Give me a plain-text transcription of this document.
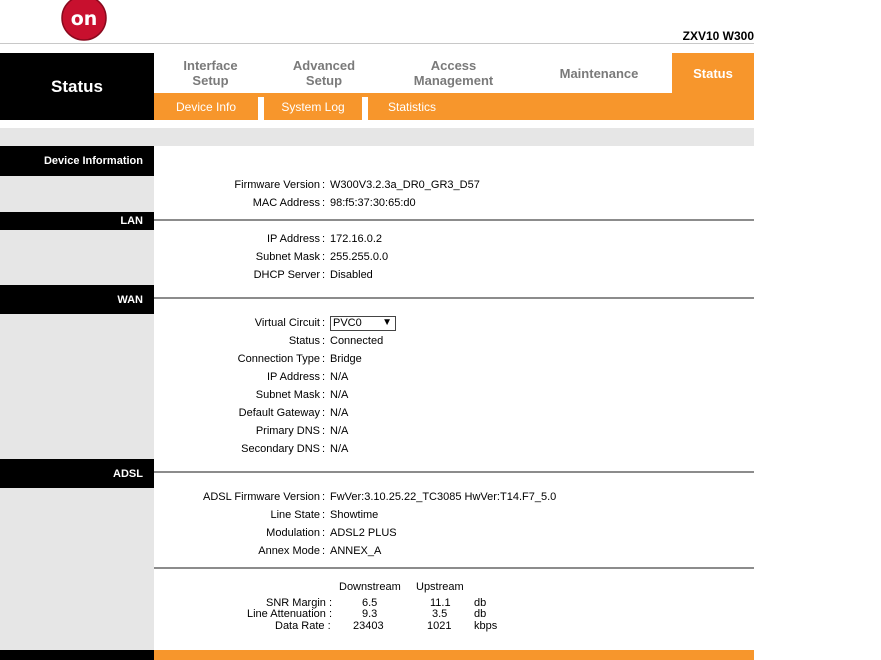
on
ZXV10 W300
Status
Interface
Setup
Advanced
Setup
Access
Management	Maintenance	Status
Device Info	System Log	Statistics
Device Information
Firmware Version : W300V3.2.3a_DR0_GR3_D57
MAC Address : 98:f5:37:30:65:d0
LAN
IP Address : 172.16.0.2
Subnet Mask : 255.255.0.0
DHCP Server : Disabled
WAN
Virtual Circuit :
PVC0	▼
Status : Connected
Connection Type : Bridge
IP Address : N/A
Subnet Mask : N/A
Default Gateway : N/A
Primary DNS : N/A
Secondary DNS : N/A
ADSL
ADSL Firmware Version : FwVer:3.10.25.22_TC3085 HwVer:T14.F7_5.0
Line State : Showtime
Modulation : ADSL2 PLUS
Annex Mode : ANNEX_A
Downstream Upstream
SNR Margin :	6.5	11.1 db
Line Attenuation :	9.3	3.5 db
Data Rate : 23403	1021 kbps
